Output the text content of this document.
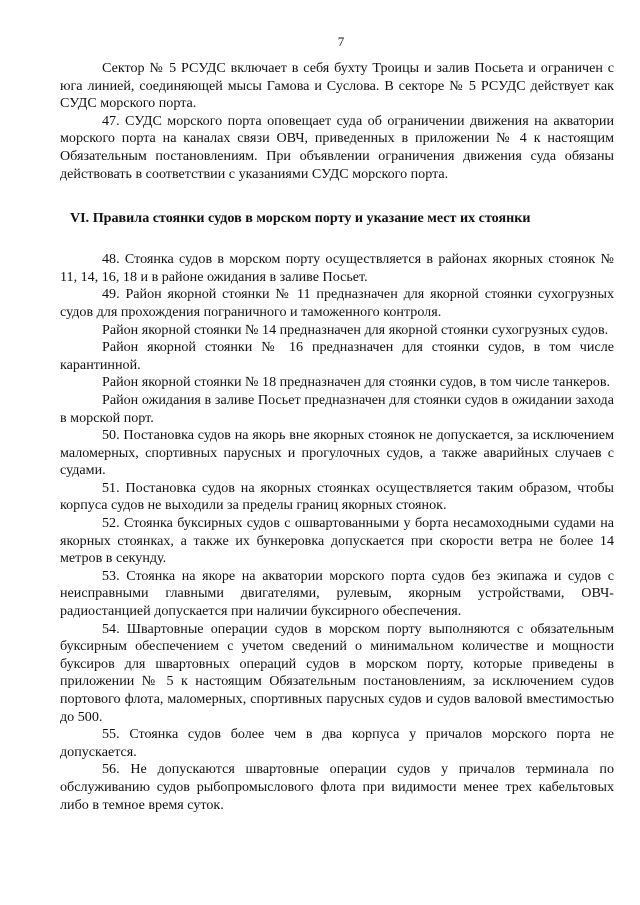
7

Сектор № 5 РСУДС включает в себя бухту Троицы и залив Посьета и ограничен с юга линией, соединяющей мысы Гамова и Суслова. В секторе № 5 РСУДС действует как СУДС морского порта.

47. СУДС морского порта оповещает суда об ограничении движения на акватории морского порта на каналах связи ОВЧ, приведенных в приложении № 4 к настоящим Обязательным постановлениям. При объявлении ограничения движения суда обязаны действовать в соответствии с указаниями СУДС морского порта.

VI. Правила стоянки судов в морском порту и указание мест их стоянки

48. Стоянка судов в морском порту осуществляется в районах якорных стоянок № 11, 14, 16, 18 и в районе ожидания в заливе Посьет.

49. Район якорной стоянки № 11 предназначен для якорной стоянки сухогрузных судов для прохождения пограничного и таможенного контроля.

Район якорной стоянки № 14 предназначен для якорной стоянки сухогрузных судов.

Район якорной стоянки № 16 предназначен для стоянки судов, в том числе карантинной.

Район якорной стоянки № 18 предназначен для стоянки судов, в том числе танкеров.

Район ожидания в заливе Посьет предназначен для стоянки судов в ожидании захода в морской порт.

50. Постановка судов на якорь вне якорных стоянок не допускается, за исключением маломерных, спортивных парусных и прогулочных судов, а также аварийных случаев с судами.

51. Постановка судов на якорных стоянках осуществляется таким образом, чтобы корпуса судов не выходили за пределы границ якорных стоянок.

52. Стоянка буксирных судов с ошвартованными у борта несамоходными судами на якорных стоянках, а также их бункеровка допускается при скорости ветра не более 14 метров в секунду.

53. Стоянка на якоре на акватории морского порта судов без экипажа и судов с неисправными главными двигателями, рулевым, якорным устройствами, ОВЧ-радиостанцией допускается при наличии буксирного обеспечения.

54. Швартовные операции судов в морском порту выполняются с обязательным буксирным обеспечением с учетом сведений о минимальном количестве и мощности буксиров для швартовных операций судов в морском порту, которые приведены в приложении № 5 к настоящим Обязательным постановлениям, за исключением судов портового флота, маломерных, спортивных парусных судов и судов валовой вместимостью до 500.

55. Стоянка судов более чем в два корпуса у причалов морского порта не допускается.

56. Не допускаются швартовные операции судов у причалов терминала по обслуживанию судов рыбопромыслового флота при видимости менее трех кабельтовых либо в темное время суток.
